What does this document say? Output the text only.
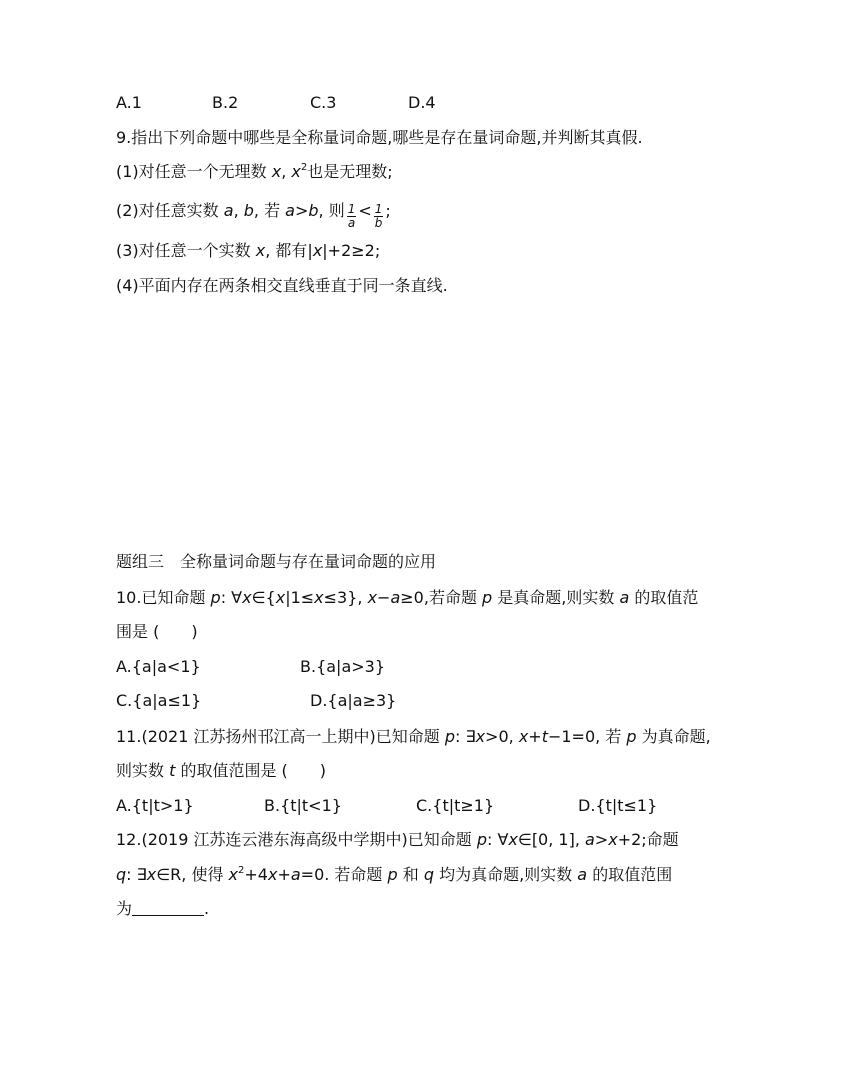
A.1	B.2	C.3	D.4
9.指出下列命题中哪些是全称量词命题,哪些是存在量词命题,并判断其真假.
(1)对任意一个无理数 x, $x^2$也是无理数;
(2)对任意实数 a, b, 若 a>b, 则 $\frac{1}{a} < \frac{1}{b}$ ;
(3)对任意一个实数 x, 都有|x|+2≥2;
(4)平面内存在两条相交直线垂直于同一条直线.
题组三　全称量词命题与存在量词命题的应用
10.已知命题 p: ∀x∈{x|1≤x≤3}, x−a≥0,若命题 p 是真命题,则实数 a 的取值范
围是 (　　)
A.{a|a<1}	B.{a|a>3}
C.{a|a≤1}	D.{a|a≥3}
11.(2021 江苏扬州邗江高一上期中)已知命题 p: ∃x>0, x+t−1=0, 若 p 为真命题,
则实数 t 的取值范围是 (　　)
A.{t|t>1}	B.{t|t<1}	C.{t|t≥1}	D.{t|t≤1}
12.(2019 江苏连云港东海高级中学期中)已知命题 p: ∀x∈[0, 1], a>x+2;命题
q: ∃x∈R, 使得 $x^2+4x+a=0$. 若命题 p 和 q 均为真命题,则实数 a 的取值范围
为	.
